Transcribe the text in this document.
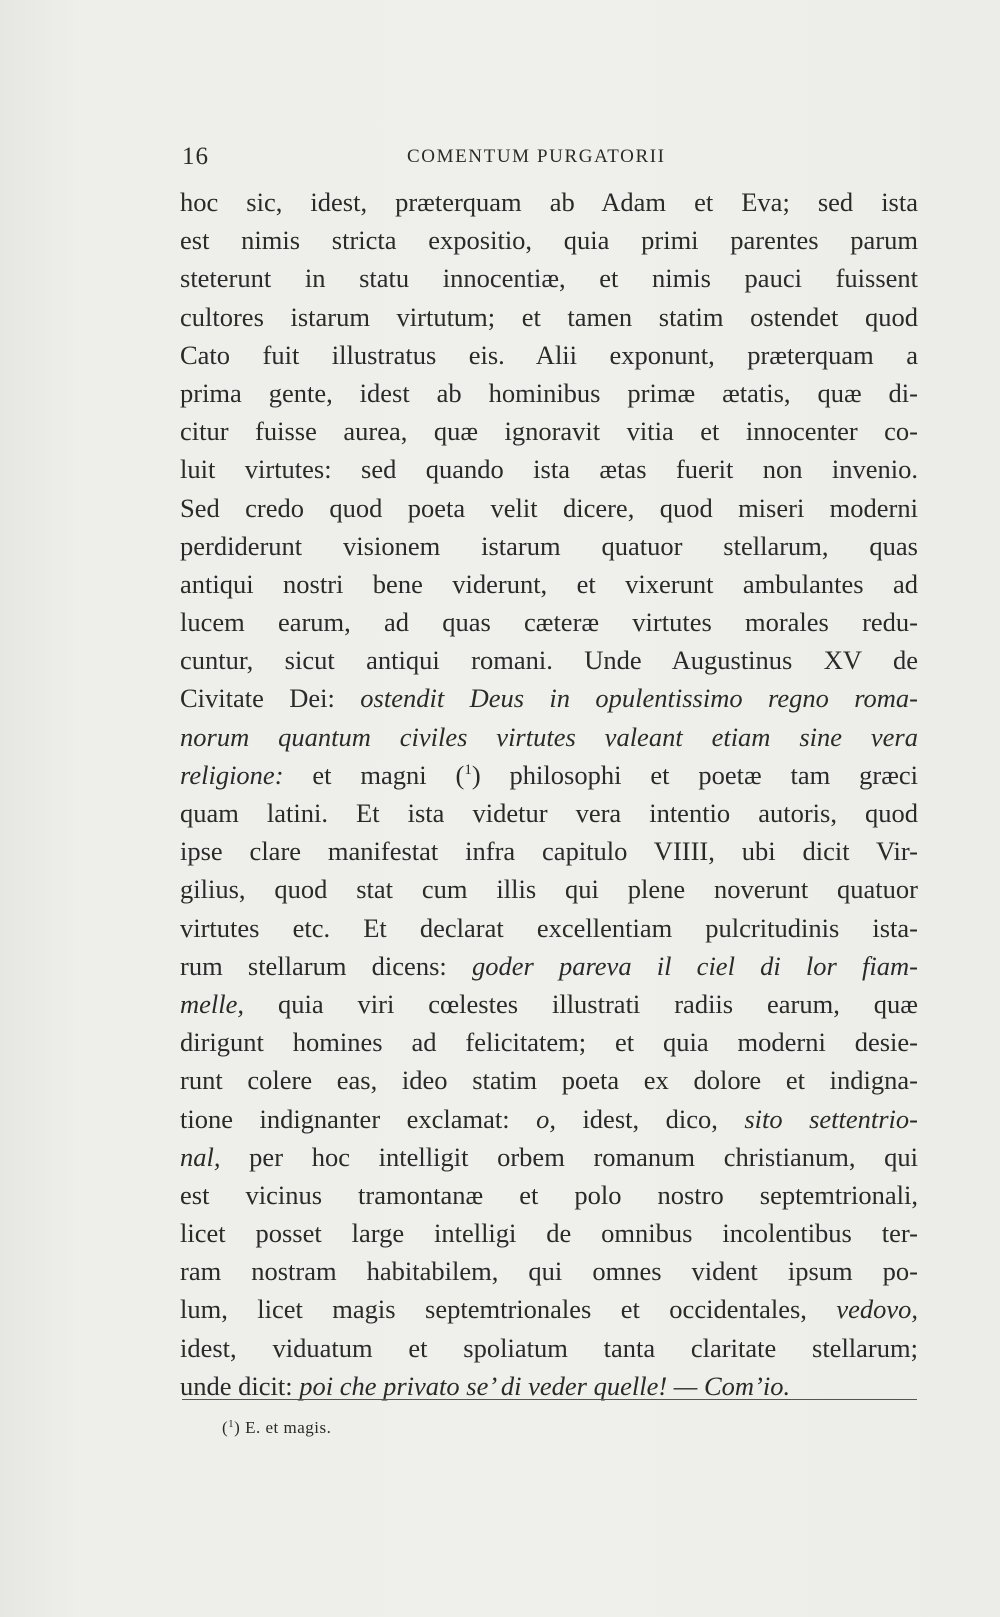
16	COMENTUM PURGATORII
hoc sic, idest, præterquam ab Adam et Eva; sed ista
est nimis stricta expositio, quia primi parentes parum
steterunt in statu innocentiæ, et nimis pauci fuissent
cultores istarum virtutum; et tamen statim ostendet quod
Cato fuit illustratus eis. Alii exponunt, præterquam a
prima gente, idest ab hominibus primæ ætatis, quæ di-
citur fuisse aurea, quæ ignoravit vitia et innocenter co-
luit virtutes: sed quando ista ætas fuerit non invenio.
Sed credo quod poeta velit dicere, quod miseri moderni
perdiderunt visionem istarum quatuor stellarum, quas
antiqui nostri bene viderunt, et vixerunt ambulantes ad
lucem earum, ad quas cæteræ virtutes morales redu-
cuntur, sicut antiqui romani. Unde Augustinus XV de
Civitate Dei: ostendit Deus in opulentissimo regno roma-
norum quantum civiles virtutes valeant etiam sine vera
religione: et magni ($^1$) philosophi et poetæ tam græci
quam latini. Et ista videtur vera intentio autoris, quod
ipse clare manifestat infra capitulo VIIII, ubi dicit Vir-
gilius, quod stat cum illis qui plene noverunt quatuor
virtutes etc. Et declarat excellentiam pulcritudinis ista-
rum stellarum dicens: goder pareva il ciel di lor fiam-
melle, quia viri cœlestes illustrati radiis earum, quæ
dirigunt homines ad felicitatem; et quia moderni desie-
runt colere eas, ideo statim poeta ex dolore et indigna-
tione indignanter exclamat: o, idest, dico, sito settentrio-
nal, per hoc intelligit orbem romanum christianum, qui
est vicinus tramontanæ et polo nostro septemtrionali,
licet posset large intelligi de omnibus incolentibus ter-
ram nostram habitabilem, qui omnes vident ipsum po-
lum, licet magis septemtrionales et occidentales, vedovo,
idest, viduatum et spoliatum tanta claritate stellarum;
unde dicit: poi che privato se’ di veder quelle! — Com’io.
($^1$) E. et magis.
